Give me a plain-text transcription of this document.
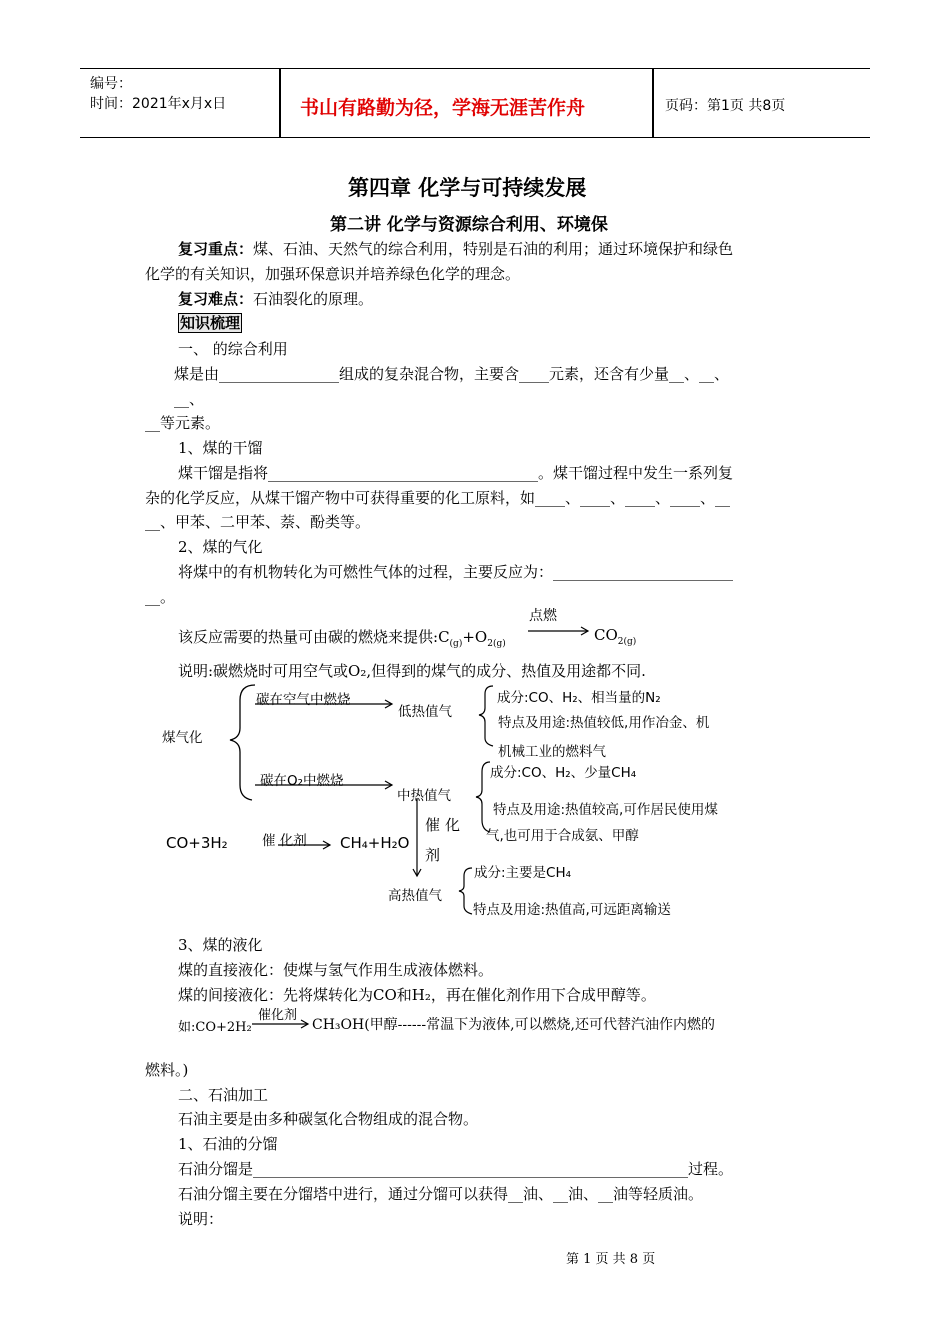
编号：
时间：2021年x月x日	书山有路勤为径，学海无涯苦作舟	页码：第1页 共8页
第四章 化学与可持续发展
第二讲 化学与资源综合利用、环境保
复习重点：煤、石油、天然气的综合利用，特别是石油的利用；通过环境保护和绿色
化学的有关知识，加强环保意识并培养绿色化学的理念。
复习难点：石油裂化的原理。
知识梳理
一、 的综合利用
煤是由________________组成的复杂混合物，主要含____元素，还含有少量__、__、
__、
__等元素。
1、煤的干馏
煤干馏是指将____________________________________。煤干馏过程中发生一系列复
杂的化学反应，从煤干馏产物中可获得重要的化工原料，如____、____、____、____、__
__、甲苯、二甲苯、萘、酚类等。
2、煤的气化
将煤中的有机物转化为可燃性气体的过程，主要反应为：________________________
__。
该反应需要的热量可由碳的燃烧来提供$:C_{(g)}+O_{2(g)}$
点燃
$CO_{2(g)}$
说明:碳燃烧时可用空气或O₂,但得到的煤气的成分、热值及用途都不同.
煤气化
碳在空气中燃烧
低热值气
成分:CO、H₂、相当量的N₂
特点及用途:热值较低,用作冶金、机
机械工业的燃料气
碳在O₂中燃烧
中热值气
成分:CO、H₂、少量CH₄
特点及用途:热值较高,可作居民使用煤
气,也可用于合成氨、甲醇
CO+3H₂	催 化剂 CH₄+H₂O
催 化
剂
高热值气
成分:主要是CH₄
特点及用途:热值高,可远距离输送
3、煤的液化
煤的直接液化：使煤与氢气作用生成液体燃料。
煤的间接液化：先将煤转化为CO和H₂，再在催化剂作用下合成甲醇等。
如:CO+2H₂
催化剂
CH₃OH(甲醇------常温下为液体,可以燃烧,还可代替汽油作内燃的
燃料。)
二、石油加工
石油主要是由多种碳氢化合物组成的混合物。
1、石油的分馏
石油分馏是__________________________________________________________过程。
石油分馏主要在分馏塔中进行，通过分馏可以获得__油、__油、__油等轻质油。
说明：
第 1 页 共 8 页
